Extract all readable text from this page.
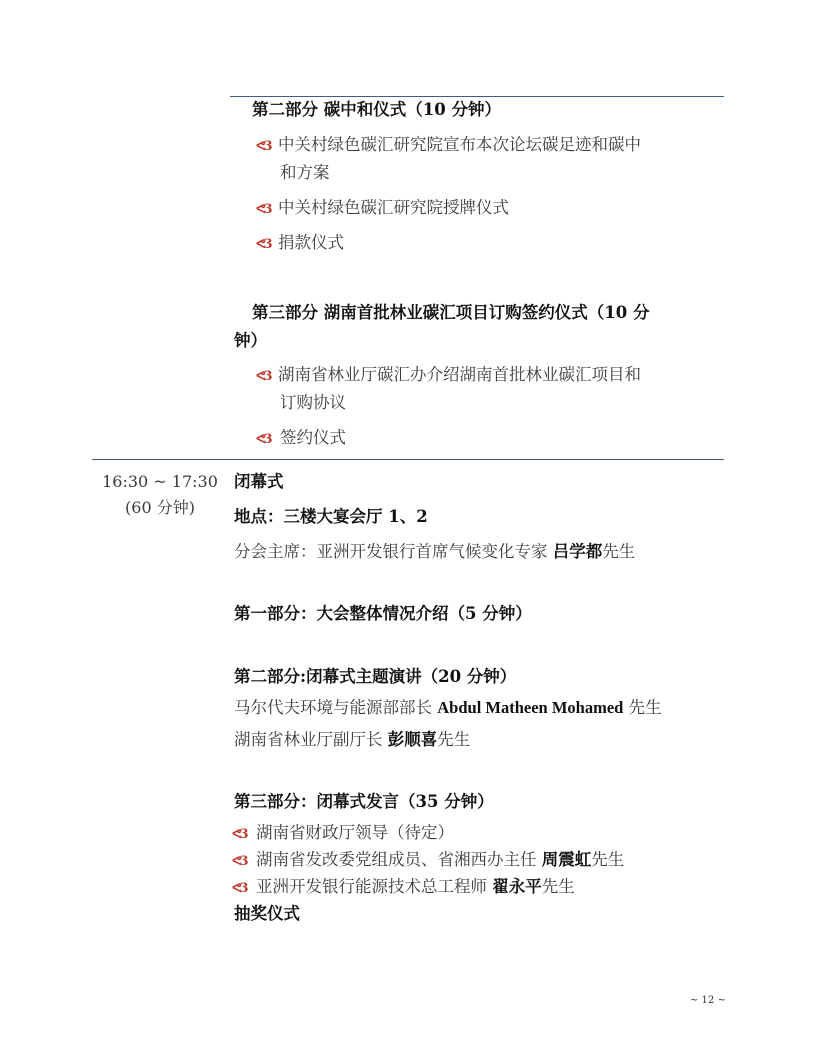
第二部分 碳中和仪式（10 分钟）
ᕙ3 中关村绿色碳汇研究院宣布本次论坛碳足迹和碳中
和方案
ᕙ3 中关村绿色碳汇研究院授牌仪式
ᕙ3 捐款仪式
第三部分 湖南首批林业碳汇项目订购签约仪式（10 分
钟）
ᕙ3 湖南省林业厅碳汇办介绍湖南首批林业碳汇项目和
订购协议
ᕙ3 签约仪式
16:30 ~ 17:30
(60 分钟)
闭幕式
地点：三楼大宴会厅 1、2
分会主席：亚洲开发银行首席气候变化专家 吕学都先生
第一部分：大会整体情况介绍（5 分钟）
第二部分:闭幕式主题演讲（20 分钟）
马尔代夫环境与能源部部长 Abdul Matheen Mohamed 先生
湖南省林业厅副厅长 彭顺喜先生
第三部分：闭幕式发言（35 分钟）
ᕙ3 湖南省财政厅领导（待定）
ᕙ3 湖南省发改委党组成员、省湘西办主任 周震虹先生
ᕙ3 亚洲开发银行能源技术总工程师 翟永平先生
抽奖仪式
~ 12 ~
